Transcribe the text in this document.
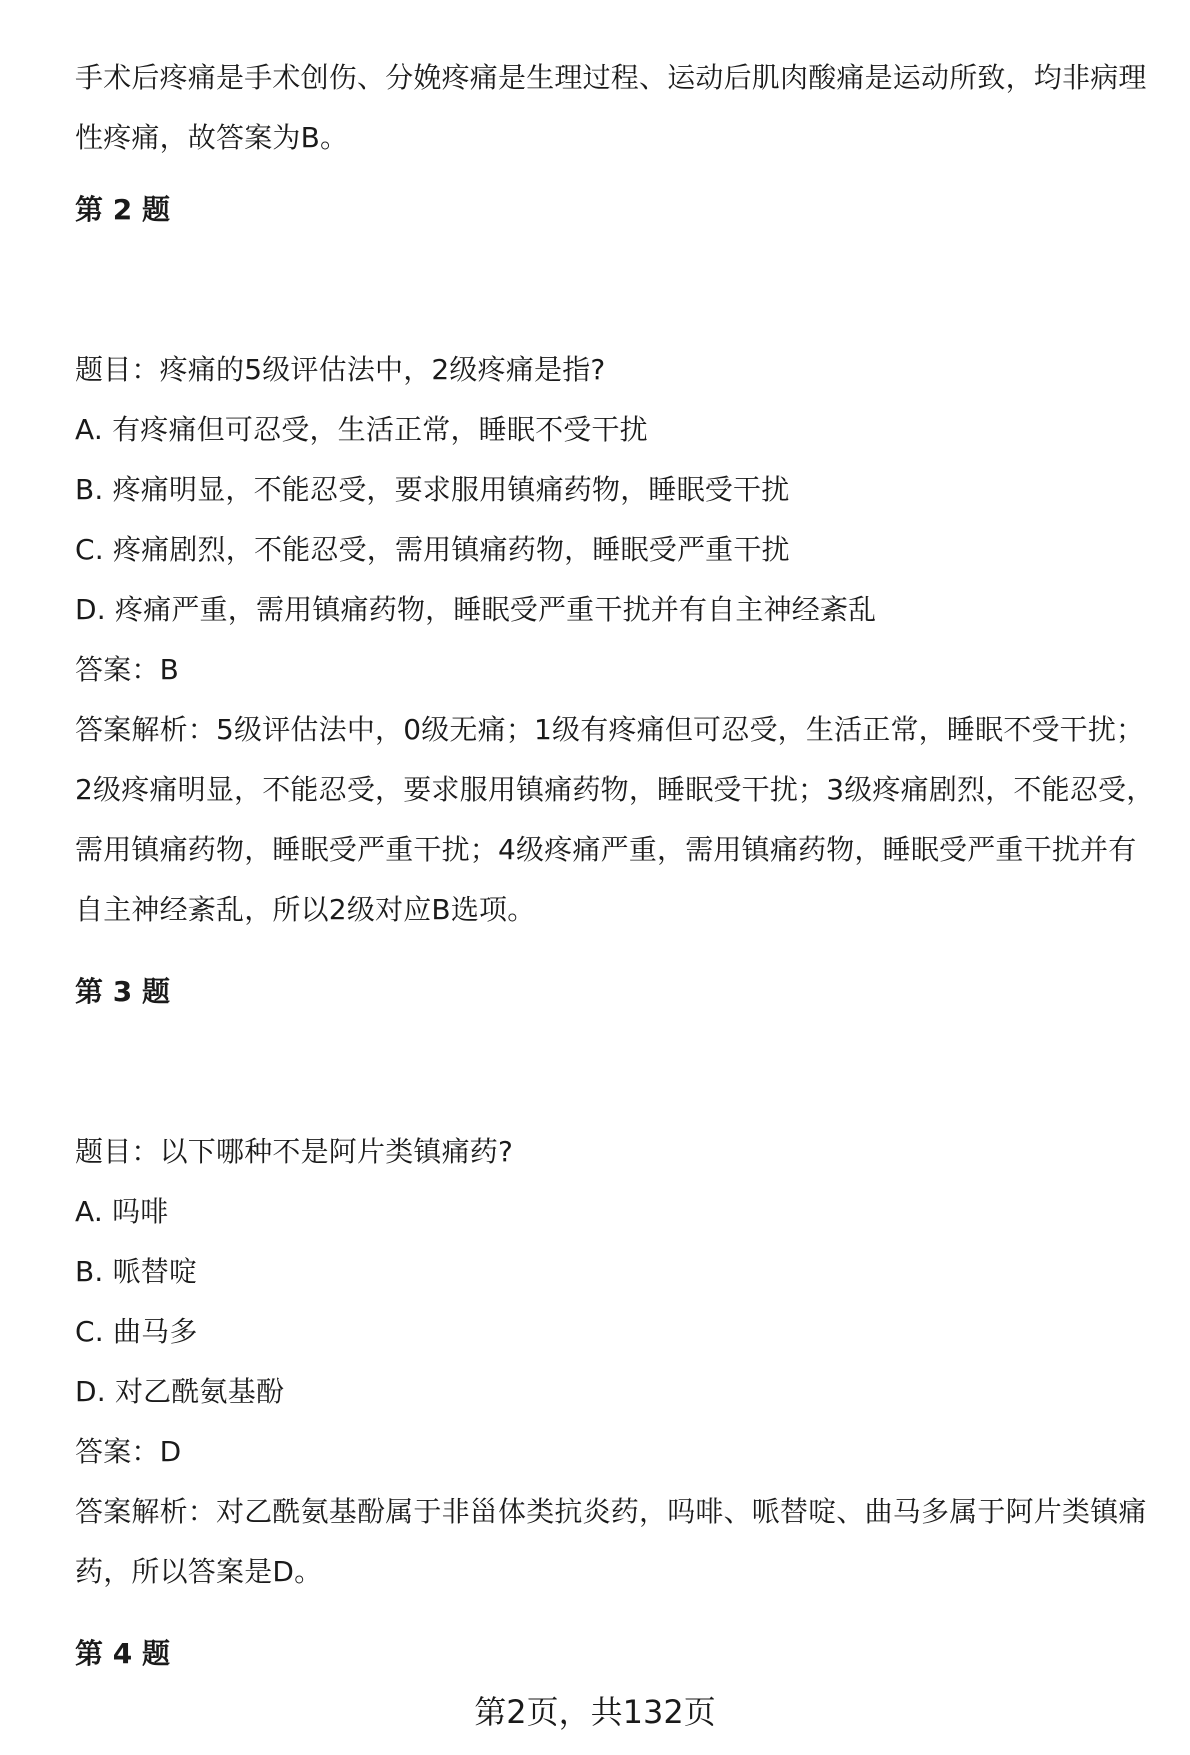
手术后疼痛是手术创伤、分娩疼痛是生理过程、运动后肌肉酸痛是运动所致，均非病理性疼痛，故答案为B。

第 2 题

题目：疼痛的5级评估法中，2级疼痛是指?

A. 有疼痛但可忍受，生活正常，睡眠不受干扰

B. 疼痛明显，不能忍受，要求服用镇痛药物，睡眠受干扰

C. 疼痛剧烈，不能忍受，需用镇痛药物，睡眠受严重干扰

D. 疼痛严重，需用镇痛药物，睡眠受严重干扰并有自主神经紊乱

答案：B

答案解析：5级评估法中，0级无痛；1级有疼痛但可忍受，生活正常，睡眠不受干扰；2级疼痛明显，不能忍受，要求服用镇痛药物，睡眠受干扰；3级疼痛剧烈，不能忍受，需用镇痛药物，睡眠受严重干扰；4级疼痛严重，需用镇痛药物，睡眠受严重干扰并有自主神经紊乱，所以2级对应B选项。

第 3 题

题目：以下哪种不是阿片类镇痛药?

A. 吗啡

B. 哌替啶

C. 曲马多

D. 对乙酰氨基酚

答案：D

答案解析：对乙酰氨基酚属于非甾体类抗炎药，吗啡、哌替啶、曲马多属于阿片类镇痛药，所以答案是D。

第 4 题

第2页，共132页
